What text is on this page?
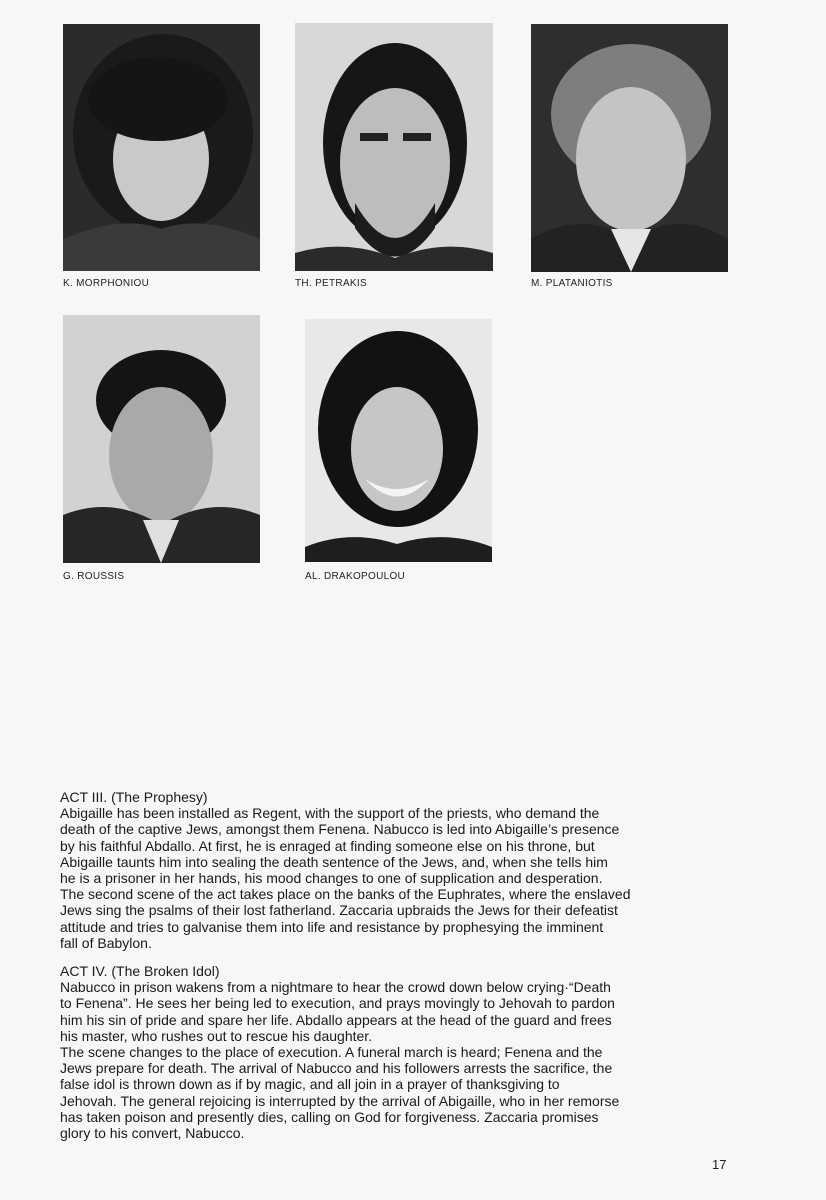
K. MORPHONIOU	TH. PETRAKIS	M. PLATANIOTIS
G. ROUSSIS	AL. DRAKOPOULOU

ACT III. (The Prophesy)

Abigaille has been installed as Regent, with the support of the priests, who demand the

death of the captive Jews, amongst them Fenena. Nabucco is led into Abigaille’s presence

by his faithful Abdallo. At first, he is enraged at finding someone else on his throne, but

Abigaille taunts him into sealing the death sentence of the Jews, and, when she tells him

he is a prisoner in her hands, his mood changes to one of supplication and desperation.

The second scene of the act takes place on the banks of the Euphrates, where the enslaved

Jews sing the psalms of their lost fatherland. Zaccaria upbraids the Jews for their defeatist

attitude and tries to galvanise them into life and resistance by prophesying the imminent

fall of Babylon.

ACT IV. (The Broken Idol)

Nabucco in prison wakens from a nightmare to hear the crowd down below crying·“Death

to Fenena”. He sees her being led to execution, and prays movingly to Jehovah to pardon

him his sin of pride and spare her life. Abdallo appears at the head of the guard and frees

his master, who rushes out to rescue his daughter.

The scene changes to the place of execution. A funeral march is heard; Fenena and the

Jews prepare for death. The arrival of Nabucco and his followers arrests the sacrifice, the

false idol is thrown down as if by magic, and all join in a prayer of thanksgiving to

Jehovah. The general rejoicing is interrupted by the arrival of Abigaille, who in her remorse

has taken poison and presently dies, calling on God for forgiveness. Zaccaria promises

glory to his convert, Nabucco.

17
